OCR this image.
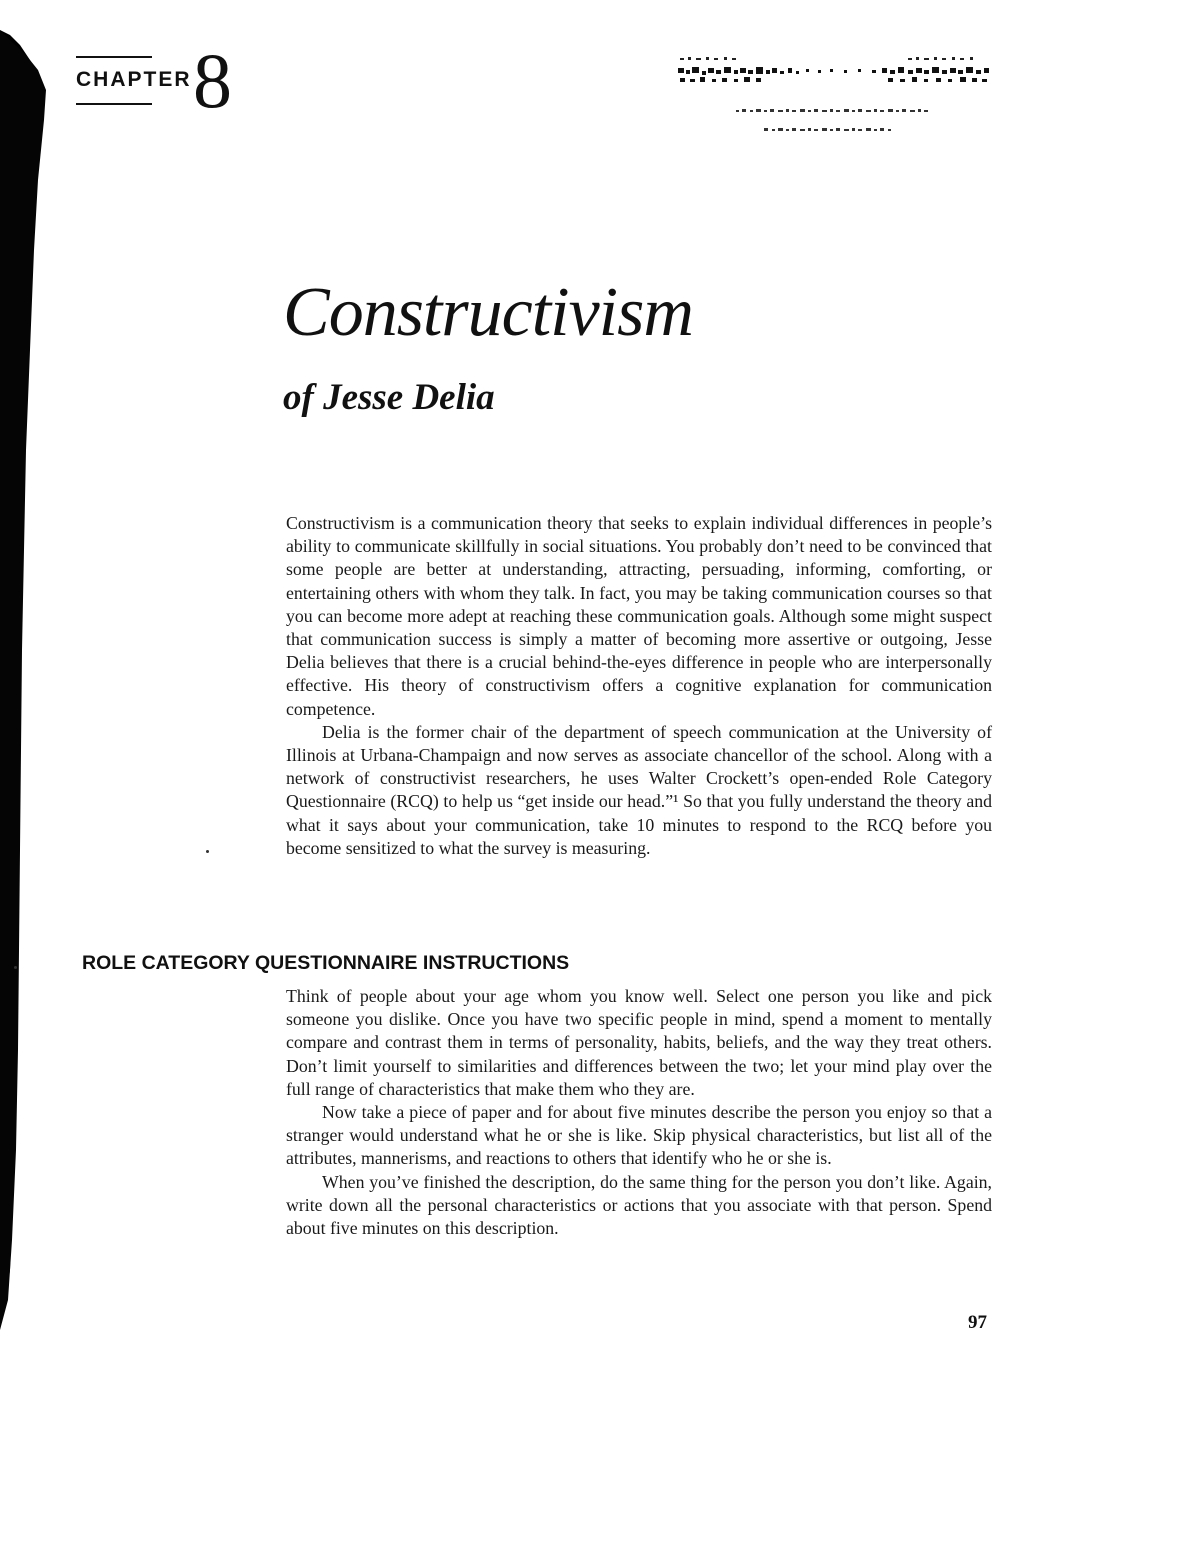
CHAPTER 8
Constructivism
of Jesse Delia

Constructivism is a communication theory that seeks to explain individual differences in people’s ability to communicate skillfully in social situations. You probably don’t need to be convinced that some people are better at understanding, attracting, persuading, informing, comforting, or entertaining others with whom they talk. In fact, you may be taking communication courses so that you can become more adept at reaching these communication goals. Although some might suspect that communication success is simply a matter of becoming more assertive or outgoing, Jesse Delia believes that there is a crucial behind-the-eyes difference in people who are interpersonally effective. His theory of constructivism offers a cognitive explanation for communication competence.

Delia is the former chair of the department of speech communication at the University of Illinois at Urbana-Champaign and now serves as associate chancellor of the school. Along with a network of constructivist researchers, he uses Walter Crockett’s open-ended Role Category Questionnaire (RCQ) to help us “get inside our head.”¹ So that you fully understand the theory and what it says about your communication, take 10 minutes to respond to the RCQ before you become sensitized to what the survey is measuring.

ROLE CATEGORY QUESTIONNAIRE INSTRUCTIONS

Think of people about your age whom you know well. Select one person you like and pick someone you dislike. Once you have two specific people in mind, spend a moment to mentally compare and contrast them in terms of personality, habits, beliefs, and the way they treat others. Don’t limit yourself to similarities and differences between the two; let your mind play over the full range of characteristics that make them who they are.

Now take a piece of paper and for about five minutes describe the person you enjoy so that a stranger would understand what he or she is like. Skip physical characteristics, but list all of the attributes, mannerisms, and reactions to others that identify who he or she is.

When you’ve finished the description, do the same thing for the person you don’t like. Again, write down all the personal characteristics or actions that you associate with that person. Spend about five minutes on this description.

97
